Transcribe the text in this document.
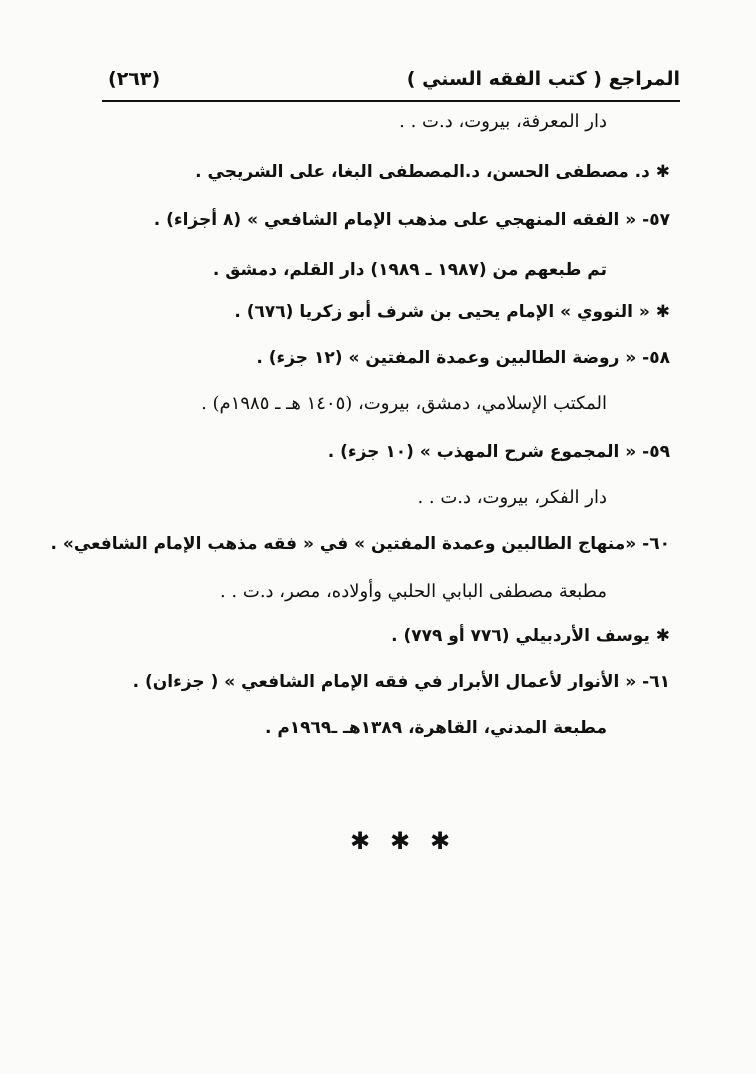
المراجع ( كتب الفقه السني )
(٢٦٣)
دار المعرفة، بيروت، د.ت . .
✱ د. مصطفى الحسن، د.المصطفى البغا، على الشريجي .
٥٧- « الفقه المنهجي على مذهب الإمام الشافعي » (٨ أجزاء) .
تم طبعهم من (١٩٨٧ ـ ١٩٨٩) دار القلم، دمشق .
✱ « النووي » الإمام يحيى بن شرف أبو زكريا (٦٧٦) .
٥٨- « روضة الطالبين وعمدة المفتين » (١٢ جزء) .
المكتب الإسلامي، دمشق، بيروت، (١٤٠٥ هـ ـ ١٩٨٥م) .
٥٩- « المجموع شرح المهذب » (١٠ جزء) .
دار الفكر، بيروت، د.ت . .
٦٠- «منهاج الطالبين وعمدة المفتين » في « فقه مذهب الإمام الشافعي» .
مطبعة مصطفى البابي الحلبي وأولاده، مصر، د.ت . .
✱ يوسف الأردبيلي (٧٧٦ أو ٧٧٩) .
٦١- « الأنوار لأعمال الأبرار في فقه الإمام الشافعي » ( جزءان) .
مطبعة المدني، القاهرة، ١٣٨٩هـ ـ١٩٦٩م .
✱ ✱ ✱
